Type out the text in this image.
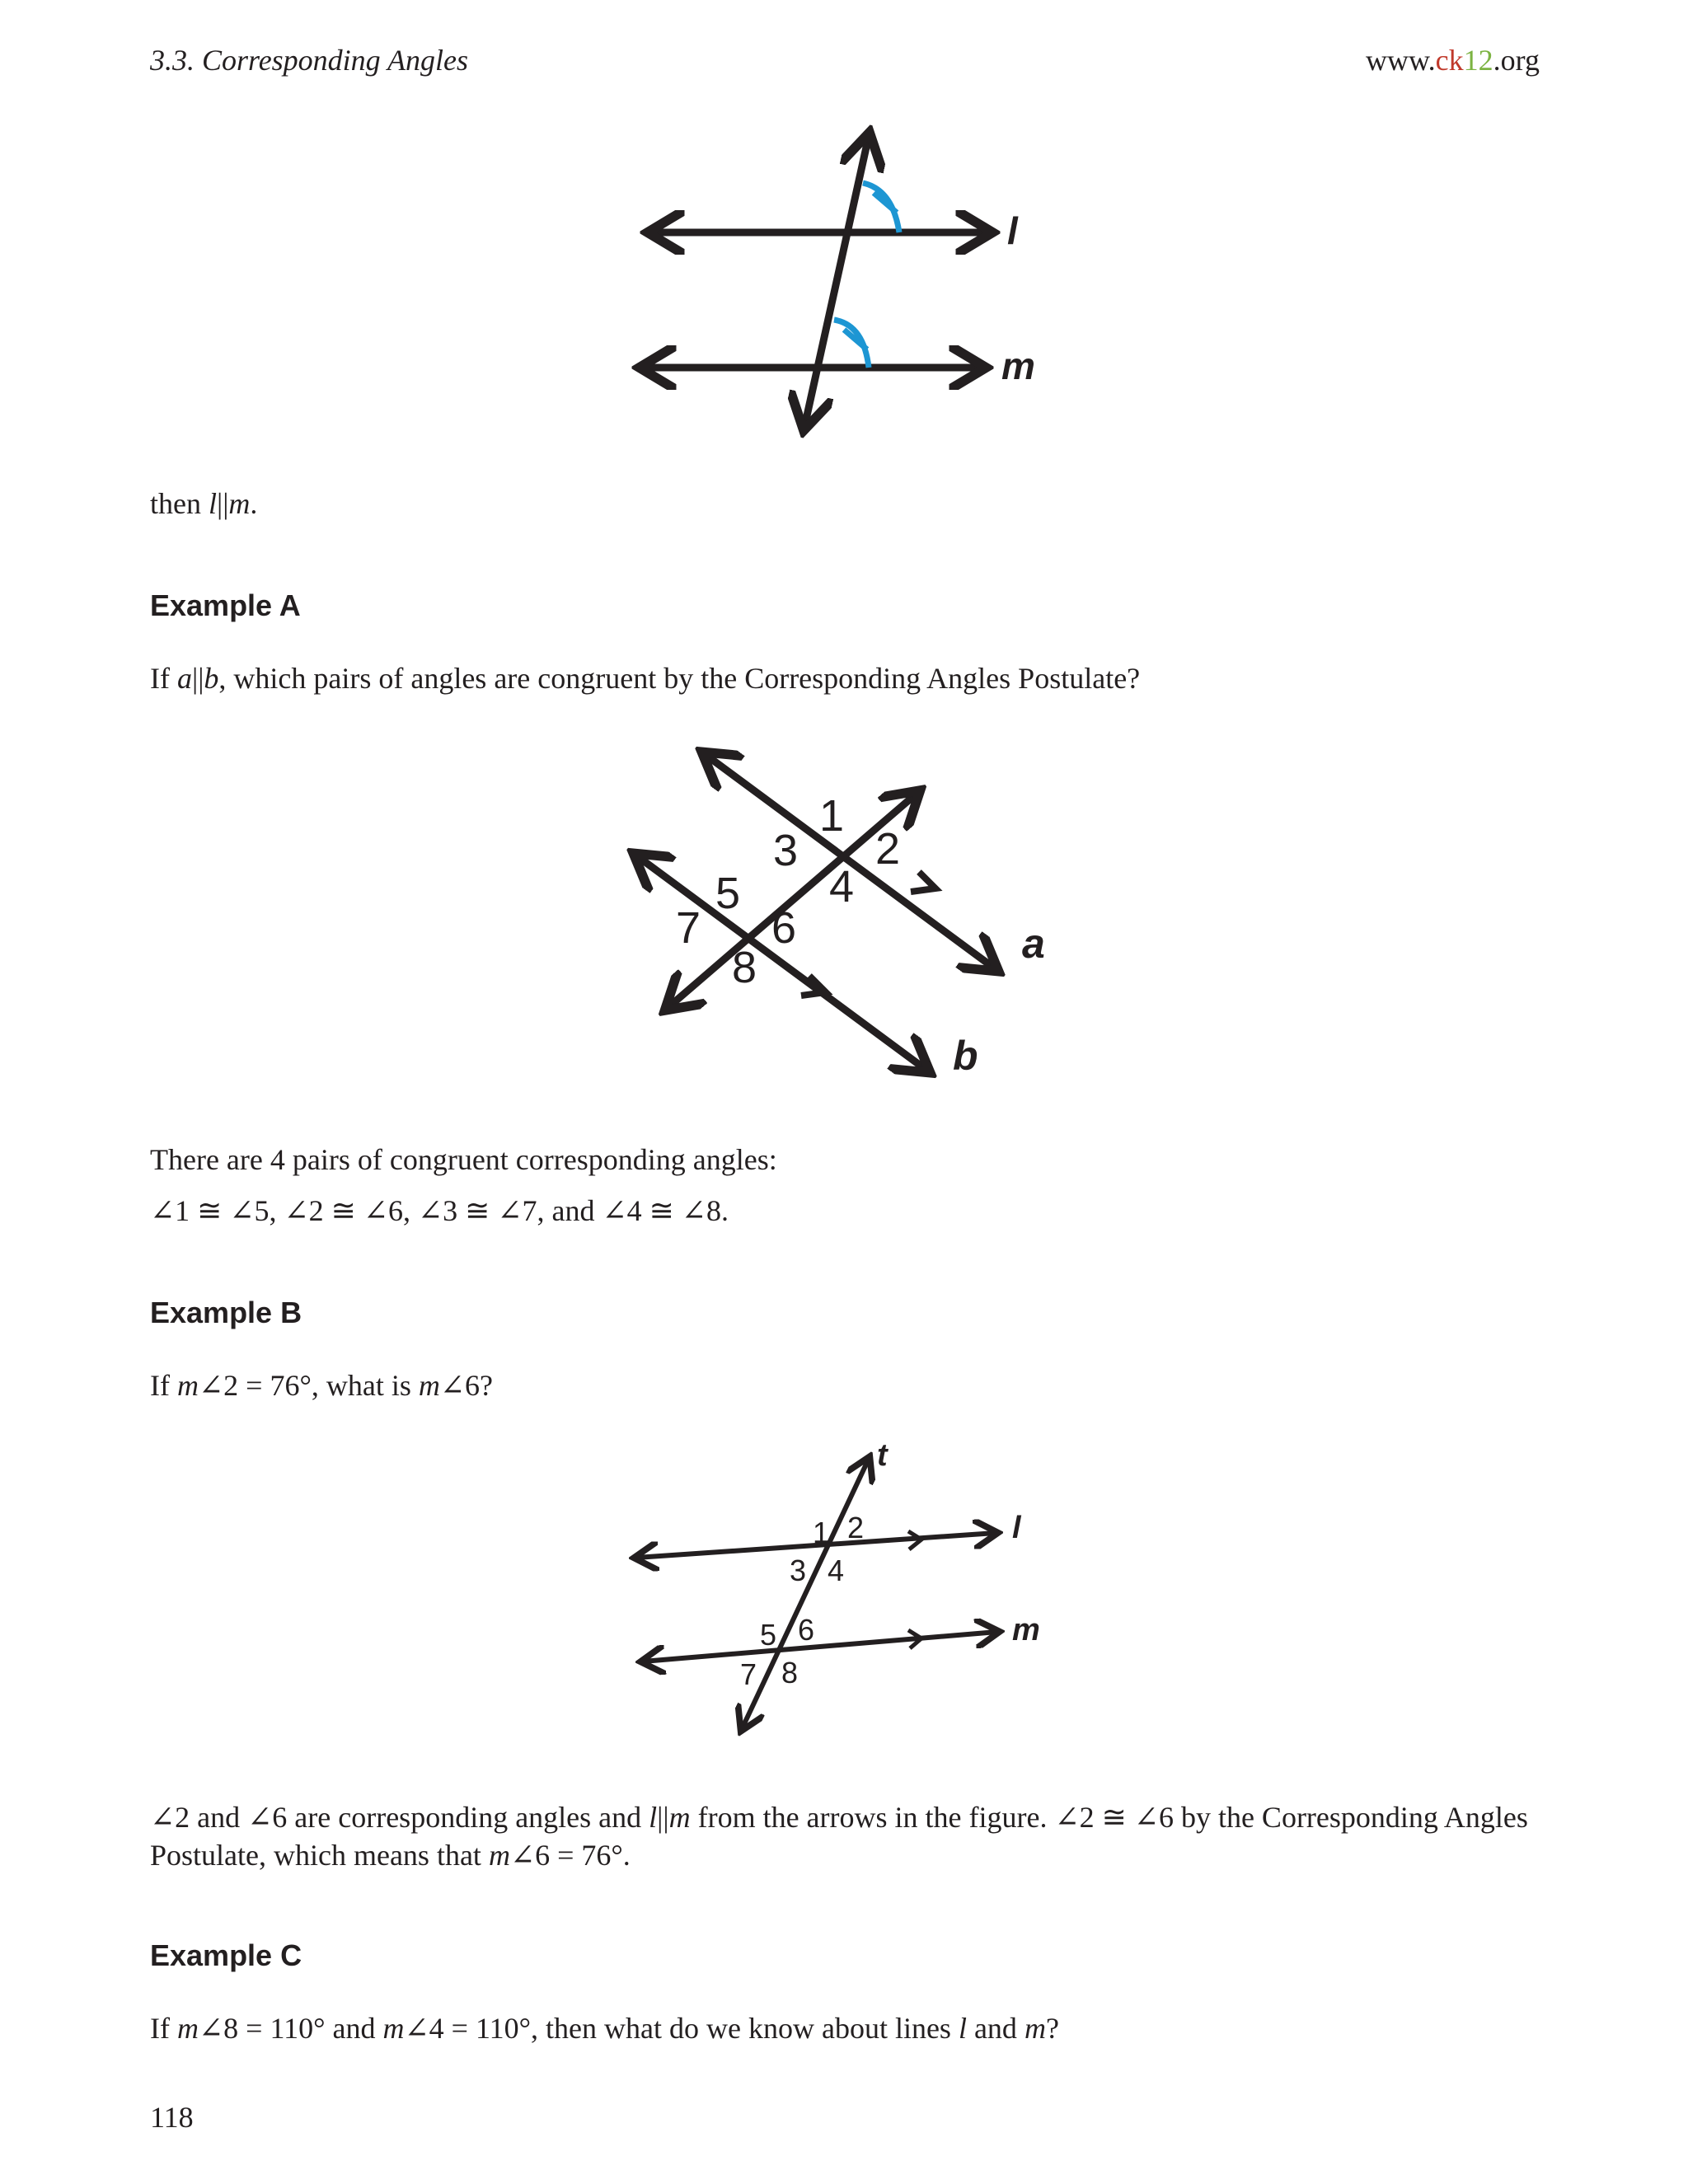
3.3. Corresponding Angles	www.ck12.org
l
m
then l||m.
Example A
If a||b, which pairs of angles are congruent by the Corresponding Angles Postulate?
1
2
3
4
5
6
7
8	a
b
There are 4 pairs of congruent corresponding angles:
∠1 ≅ ∠5, ∠2 ≅ ∠6, ∠3 ≅ ∠7, and ∠4 ≅ ∠8.
Example B
If m∠2 = 76°, what is m∠6?
1 2
3 4
5 6
7 8
t
l
m
∠2 and ∠6 are corresponding angles and l||m from the arrows in the figure. ∠2 ≅ ∠6 by the Corresponding Angles
Postulate, which means that m∠6 = 76°.
Example C
If m∠8 = 110° and m∠4 = 110°, then what do we know about lines l and m?
118
